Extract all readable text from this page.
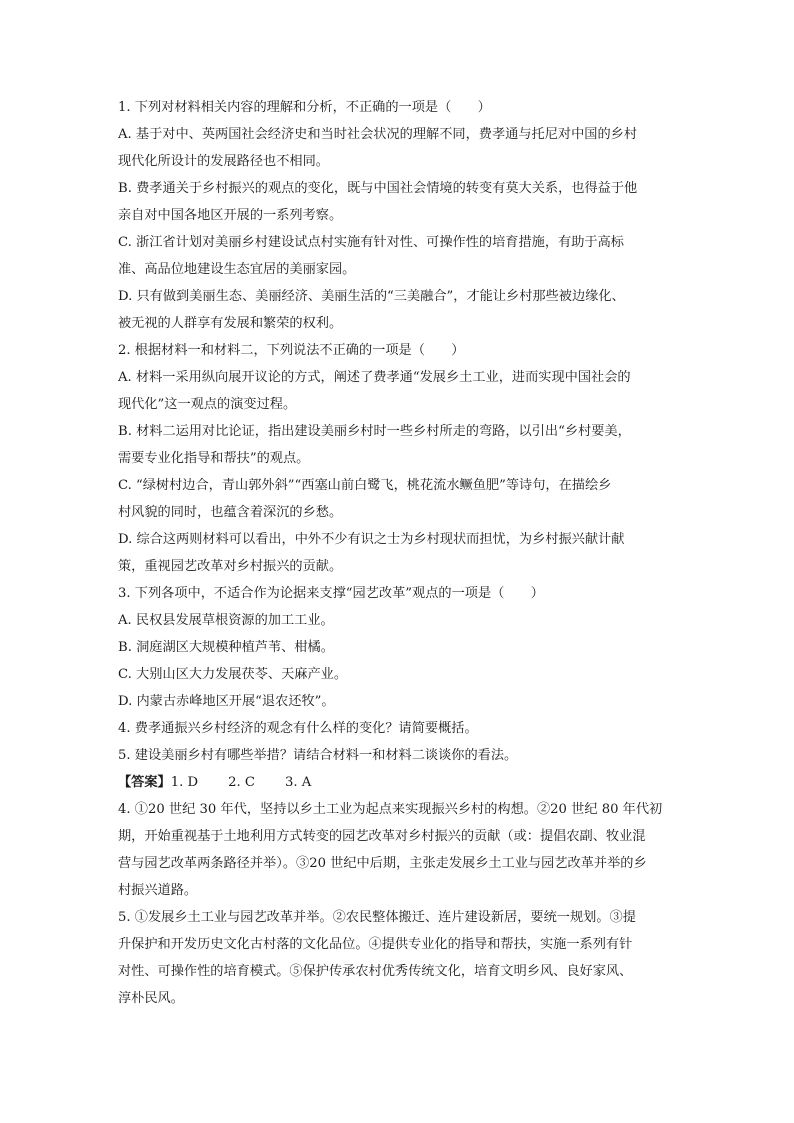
1. 下列对材料相关内容的理解和分析，不正确的一项是（　　）
A. 基于对中、英两国社会经济史和当时社会状况的理解不同，费孝通与托尼对中国的乡村
现代化所设计的发展路径也不相同。
B. 费孝通关于乡村振兴的观点的变化，既与中国社会情境的转变有莫大关系，也得益于他
亲自对中国各地区开展的一系列考察。
C. 浙江省计划对美丽乡村建设试点村实施有针对性、可操作性的培育措施，有助于高标
准、高品位地建设生态宜居的美丽家园。
D. 只有做到美丽生态、美丽经济、美丽生活的“三美融合”，才能让乡村那些被边缘化、
被无视的人群享有发展和繁荣的权利。
2. 根据材料一和材料二，下列说法不正确的一项是（　　）
A. 材料一采用纵向展开议论的方式，阐述了费孝通“发展乡土工业，进而实现中国社会的
现代化”这一观点的演变过程。
B. 材料二运用对比论证，指出建设美丽乡村时一些乡村所走的弯路，以引出“乡村要美，
需要专业化指导和帮扶”的观点。
C. “绿树村边合，青山郭外斜”“西塞山前白鹭飞，桃花流水鳜鱼肥”等诗句，在描绘乡
村风貌的同时，也蕴含着深沉的乡愁。
D. 综合这两则材料可以看出，中外不少有识之士为乡村现状而担忧，为乡村振兴献计献
策，重视园艺改革对乡村振兴的贡献。
3. 下列各项中，不适合作为论据来支撑“园艺改革”观点的一项是（　　）
A. 民权县发展草根资源的加工工业。
B. 洞庭湖区大规模种植芦苇、柑橘。
C. 大别山区大力发展茯苓、天麻产业。
D. 内蒙古赤峰地区开展“退农还牧”。
4. 费孝通振兴乡村经济的观念有什么样的变化？请简要概括。
5. 建设美丽乡村有哪些举措？请结合材料一和材料二谈谈你的看法。
【答案】1. D 2. C 3. A
4. ①20 世纪 30 年代，坚持以乡土工业为起点来实现振兴乡村的构想。②20 世纪 80 年代初
期，开始重视基于土地利用方式转变的园艺改革对乡村振兴的贡献（或：提倡农副、牧业混
营与园艺改革两条路径并举）。③20 世纪中后期，主张走发展乡土工业与园艺改革并举的乡
村振兴道路。
5. ①发展乡土工业与园艺改革并举。②农民整体搬迁、连片建设新居，要统一规划。③提
升保护和开发历史文化古村落的文化品位。④提供专业化的指导和帮扶，实施一系列有针
对性、可操作性的培育模式。⑤保护传承农村优秀传统文化，培育文明乡风、良好家风、
淳朴民风。
